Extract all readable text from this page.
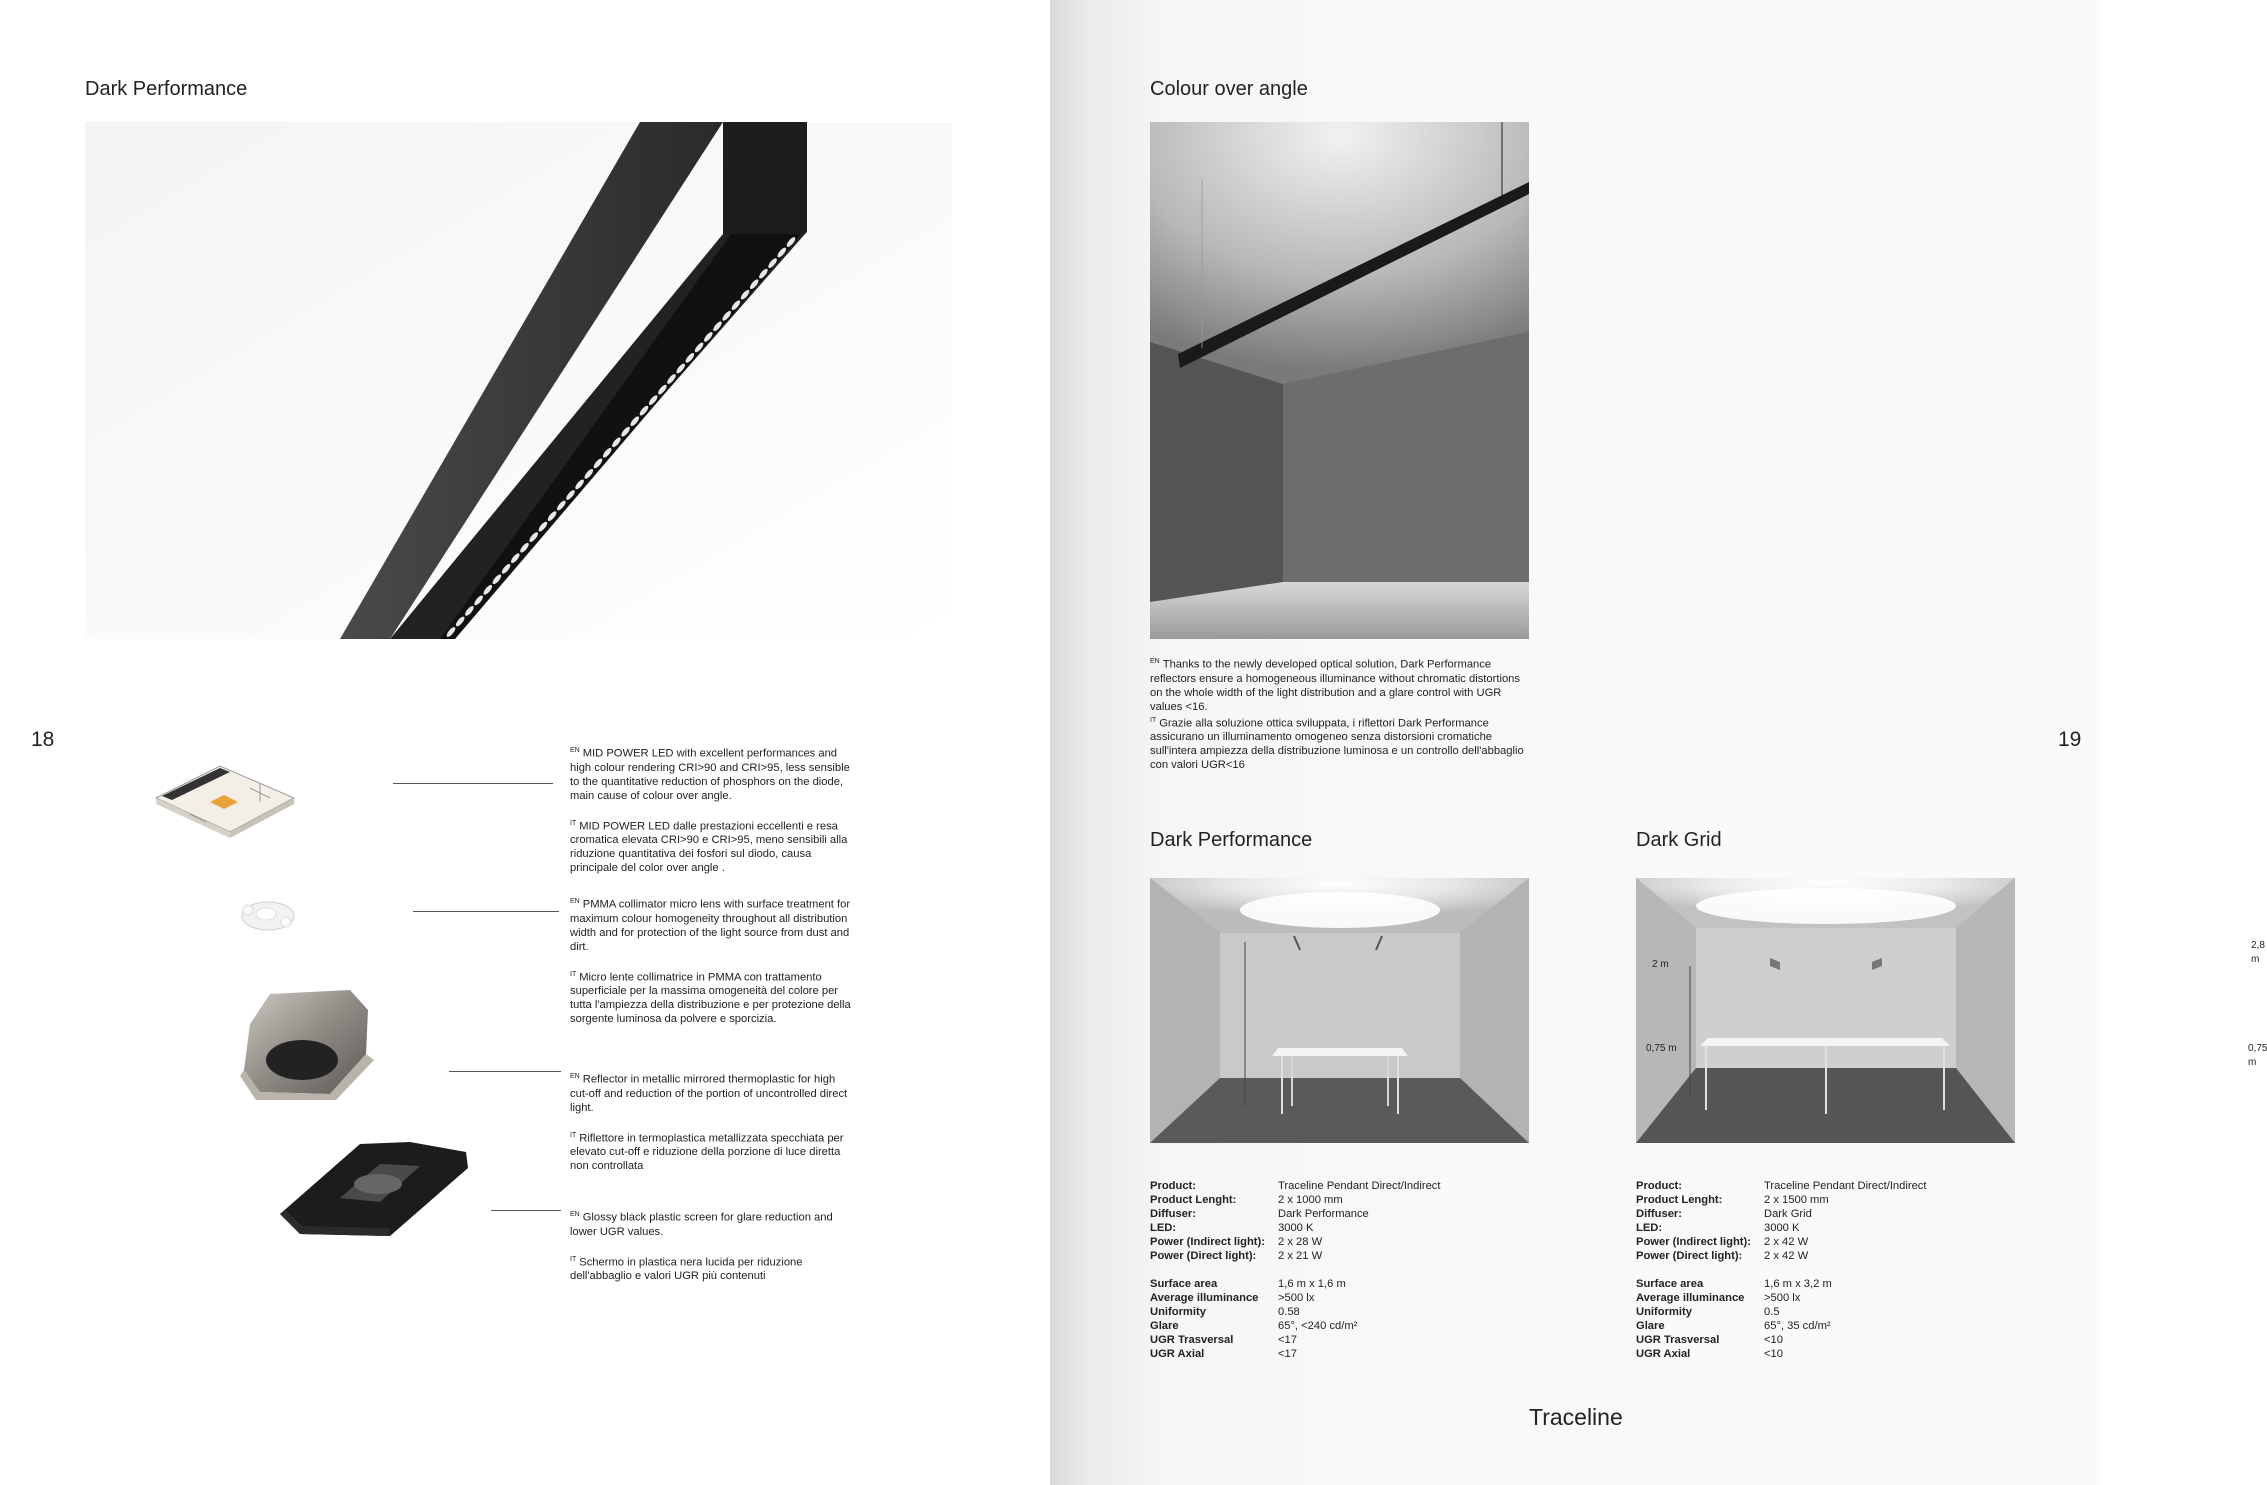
Dark Performance
18	$^{EN}$ MID POWER LED with excellent performances and high colour rendering CRI>90 and CRI>95, less sensible to the quantitative reduction of phosphors on the diode, main cause of colour over angle.

$^{IT}$ MID POWER LED dalle prestazioni eccellenti e resa cromatica elevata CRI>90 e CRI>95, meno sensibili alla riduzione quantitativa dei fosfori sul diodo, causa principale del color over angle .

$^{EN}$ PMMA collimator micro lens with surface treatment for maximum colour homogeneity throughout all distribution width and for protection of the light source from dust and dirt.

$^{IT}$ Micro lente collimatrice in PMMA con trattamento superficiale per la massima omogeneità del colore per tutta l'ampiezza della distribuzione e per protezione della sorgente luminosa da polvere e sporcizia.

$^{EN}$ Reflector in metallic mirrored thermoplastic for high cut-off and reduction of the portion of uncontrolled direct light.

$^{IT}$ Riflettore in termoplastica metallizzata specchiata per elevato cut-off e riduzione della porzione di luce diretta non controllata

$^{EN}$ Glossy black plastic screen for glare reduction and lower UGR values.

$^{IT}$ Schermo in plastica nera lucida per riduzione dell'abbaglio e valori UGR più contenuti

Colour over angle

$^{EN}$ Thanks to the newly developed optical solution, Dark Performance reflectors ensure a homogeneous illuminance without chromatic distortions on the whole width of the light distribution and a glare control with UGR values <16.

$^{IT}$ Grazie alla soluzione ottica sviluppata, i riflettori Dark Performance assicurano un illuminamento omogeneo senza distorsioni cromatiche sull'intera ampiezza della distribuzione luminosa e un controllo dell'abbaglio con valori UGR<16

19
Dark Performance
2,8 m
0,75 m
Product:	Traceline Pendant Direct/Indirect
Product Lenght:	2 x 1000 mm
Diffuser:	Dark Performance
LED:	3000 K
Power (Indirect light):	2 x 28 W
Power (Direct light):	2 x 21 W
Surface area	1,6 m x 1,6 m
Average illuminance	>500 lx
Uniformity	0.58
Glare	65°, <240 cd/m²
UGR Trasversal	<17
UGR Axial	<17
Dark Grid
2 m
0,75 m
Product:	Traceline Pendant Direct/Indirect
Product Lenght:	2 x 1500 mm
Diffuser:	Dark Grid
LED:	3000 K
Power (Indirect light):	2 x 42 W
Power (Direct light):	2 x 42 W
Surface area	1,6 m x 3,2 m
Average illuminance	>500 lx
Uniformity	0.5
Glare	65°, 35 cd/m²
UGR Trasversal	<10
UGR Axial	<10
Traceline
